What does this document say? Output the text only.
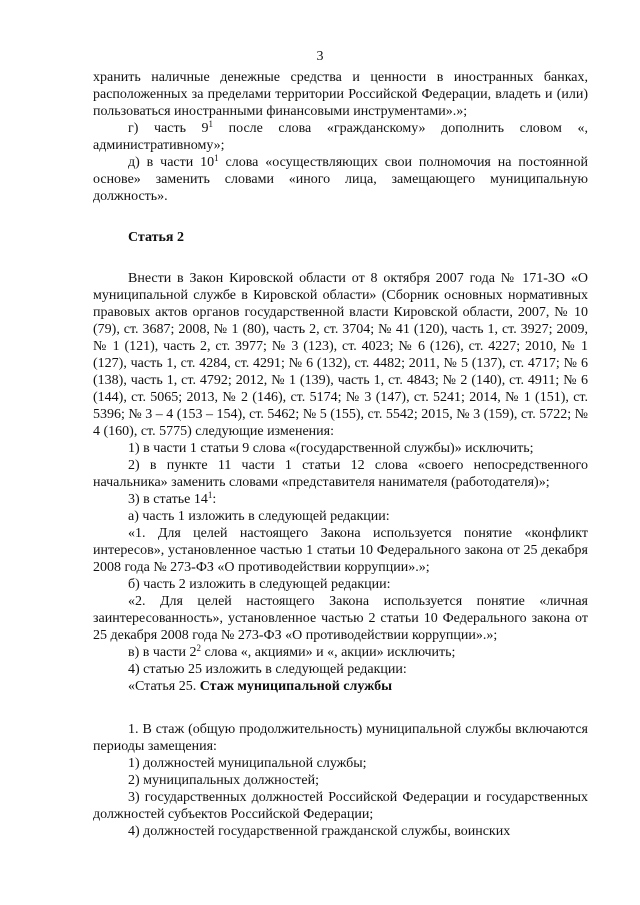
3

хранить наличные денежные средства и ценности в иностранных банках, расположенных за пределами территории Российской Федерации, владеть и (или) пользоваться иностранными финансовыми инструментами».»;

г) часть $9^1$ после слова «гражданскому» дополнить словом «, административному»;

д) в части $10^1$ слова «осуществляющих свои полномочия на постоянной основе» заменить словами «иного лица, замещающего муниципальную должность».

Статья 2

Внести в Закон Кировской области от 8 октября 2007 года № 171-ЗО «О муниципальной службе в Кировской области» (Сборник основных нормативных правовых актов органов государственной власти Кировской области, 2007, № 10 (79), ст. 3687; 2008, № 1 (80), часть 2, ст. 3704; № 41 (120), часть 1, ст. 3927; 2009, № 1 (121), часть 2, ст. 3977; № 3 (123), ст. 4023; № 6 (126), ст. 4227; 2010, № 1 (127), часть 1, ст. 4284, ст. 4291; № 6 (132), ст. 4482; 2011, № 5 (137), ст. 4717; № 6 (138), часть 1, ст. 4792; 2012, № 1 (139), часть 1, ст. 4843; № 2 (140), ст. 4911; № 6 (144), ст. 5065; 2013, № 2 (146), ст. 5174; № 3 (147), ст. 5241; 2014, № 1 (151), ст. 5396; № 3 – 4 (153 – 154), ст. 5462; № 5 (155), ст. 5542; 2015, № 3 (159), ст. 5722; № 4 (160), ст. 5775) следующие изменения:

1) в части 1 статьи 9 слова «(государственной службы)» исключить;

2) в пункте 11 части 1 статьи 12 слова «своего непосредственного начальника» заменить словами «представителя нанимателя (работодателя)»;

3) в статье $14^1$:

а) часть 1 изложить в следующей редакции:

«1. Для целей настоящего Закона используется понятие «конфликт интересов», установленное частью 1 статьи 10 Федерального закона от 25 декабря 2008 года № 273-ФЗ «О противодействии коррупции».»;

б) часть 2 изложить в следующей редакции:

«2. Для целей настоящего Закона используется понятие «личная заинтересованность», установленное частью 2 статьи 10 Федерального закона от 25 декабря 2008 года № 273-ФЗ «О противодействии коррупции».»;

в) в части $2^2$ слова «, акциями» и «, акции» исключить;

4) статью 25 изложить в следующей редакции:

«Статья 25. Стаж муниципальной службы

1. В стаж (общую продолжительность) муниципальной службы включаются периоды замещения:

1) должностей муниципальной службы;

2) муниципальных должностей;

3) государственных должностей Российской Федерации и государственных должностей субъектов Российской Федерации;

4) должностей государственной гражданской службы, воинских
